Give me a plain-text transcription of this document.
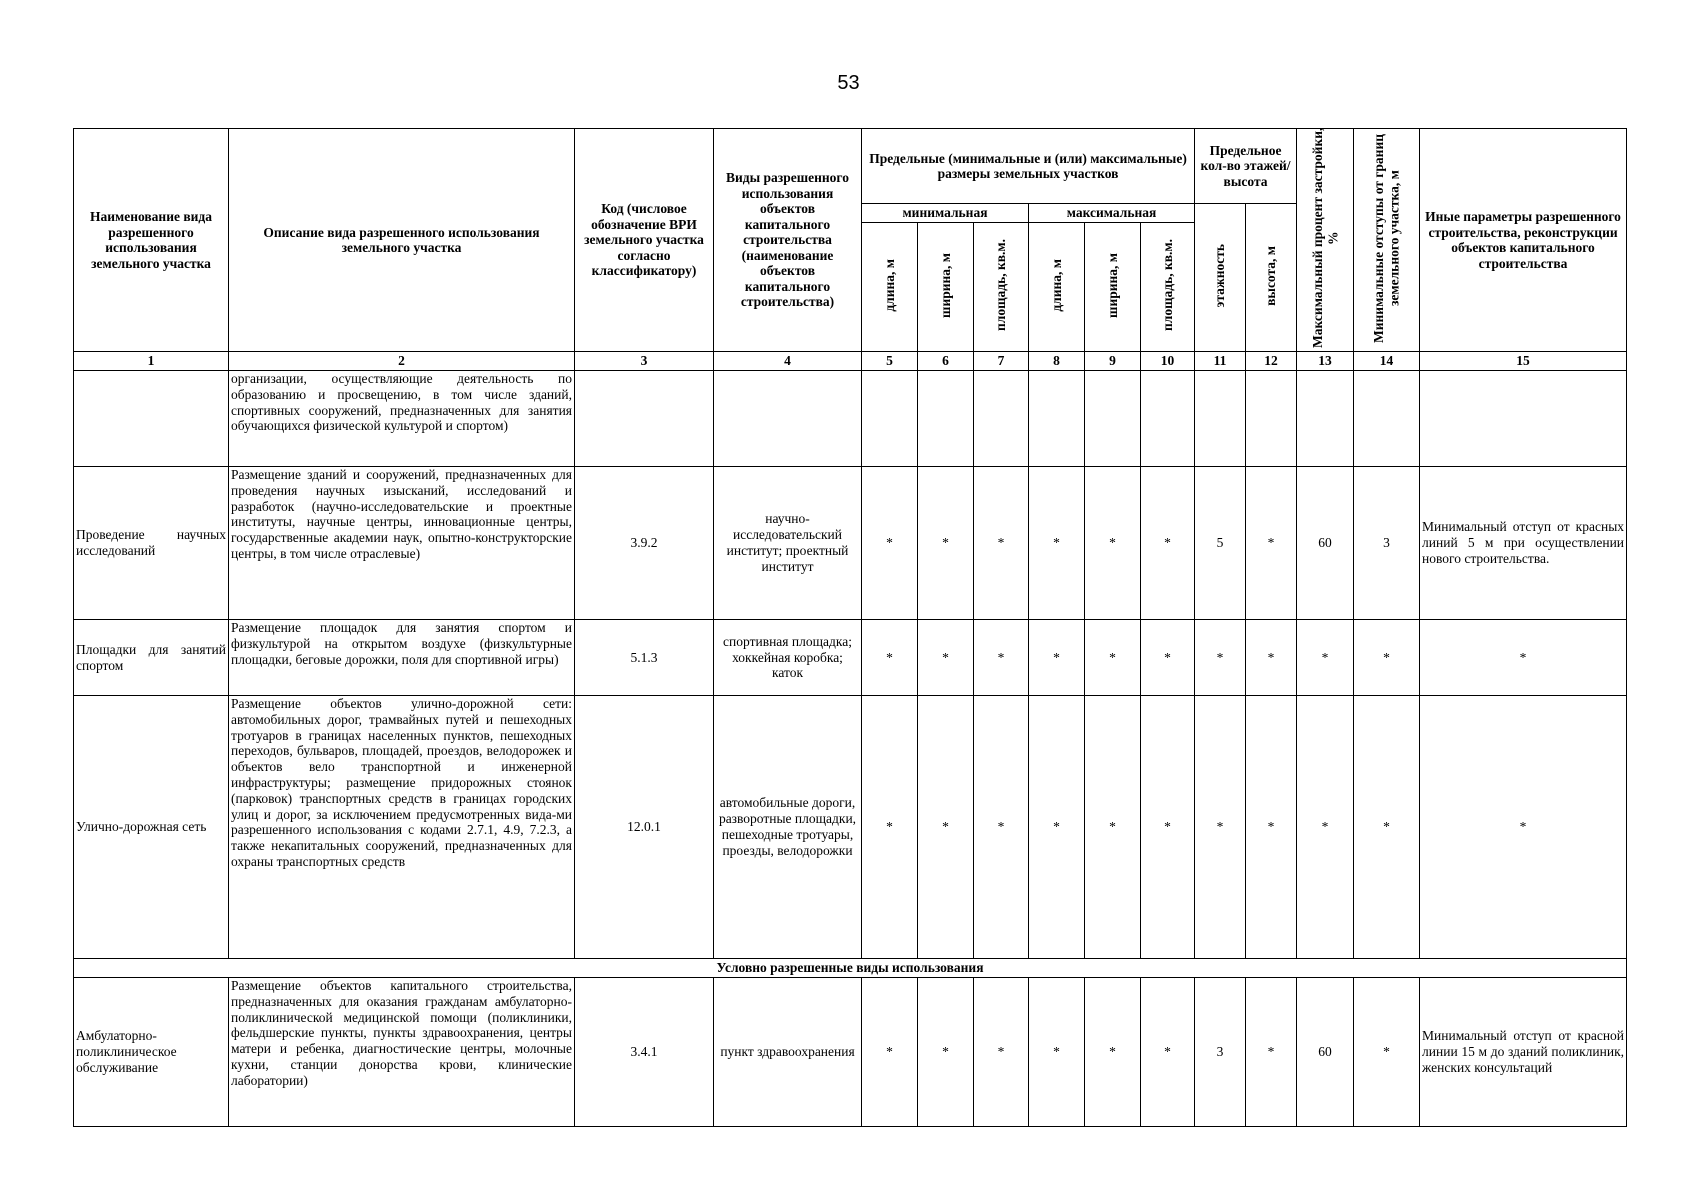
53
Наименование вида разрешенного использования земельного участка	Описание вида разрешенного использования земельного участка	Код (числовое обозначение ВРИ земельного участка согласно классификатору)	Виды разрешенного использования объектов капитального строительства (наименование объектов капитального строительства)	Предельные (минимальные и (или) максимальные) размеры земельных участков						Предельное кол-во этажей/ высота		Максимальный процент застройки, %	Минимальные отступы от границ земельного участка, м	Иные параметры разрешенного строительства, реконструкции объектов капитального строительства
				минимальная			максимальная			этажность	высота, м			
				длина, м	ширина, м	площадь, кв.м.	длина, м	ширина, м	площадь, кв.м.					
1	2	3	4	5	6	7	8	9	10	11	12	13	14	15
	организации, осуществляющие деятельность по образованию и просвещению, в том числе зданий, спортивных сооружений, предназначенных для занятия обучающихся физической культурой и спортом)													
Проведение научных исследований	Размещение зданий и сооружений, предназначенных для проведения научных изысканий, исследований и разработок (научно-исследовательские и проектные институты, научные центры, инновационные центры, государственные академии наук, опытно-конструкторские центры, в том числе отраслевые)	3.9.2	научно-исследовательский институт; проектный институт	*	*	*	*	*	*	5	*	60	3	Минимальный отступ от красных линий 5 м при осуществлении нового строительства.
Площадки для занятий спортом	Размещение площадок для занятия спортом и физкультурой на открытом воздухе (физкультурные площадки, беговые дорожки, поля для спортивной игры)	5.1.3	спортивная площадка; хоккейная коробка; каток	*	*	*	*	*	*	*	*	*	*	*
Улично-дорожная сеть	Размещение объектов улично-дорожной сети: автомобильных дорог, трамвайных путей и пешеходных тротуаров в границах населенных пунктов, пешеходных переходов, бульваров, площадей, проездов, велодорожек и объектов вело транспортной и инженерной инфраструктуры; размещение придорожных стоянок (парковок) транспортных средств в границах городских улиц и дорог, за исключением предусмотренных вида-ми разрешенного использования с кодами 2.7.1, 4.9, 7.2.3, а также некапитальных сооружений, предназначенных для охраны транспортных средств	12.0.1	автомобильные дороги, разворотные площадки, пешеходные тротуары, проезды, велодорожки	*	*	*	*	*	*	*	*	*	*	*
Условно разрешенные виды использования														
Амбулаторно-поликлиническое обслуживание	Размещение объектов капитального строительства, предназначенных для оказания гражданам амбулаторно-поликлинической медицинской помощи (поликлиники, фельдшерские пункты, пункты здравоохранения, центры матери и ребенка, диагностические центры, молочные кухни, станции донорства крови, клинические лаборатории)	3.4.1	пункт здравоохранения	*	*	*	*	*	*	3	*	60	*	Минимальный отступ от красной линии 15 м до зданий поликлиник, женских консультаций
